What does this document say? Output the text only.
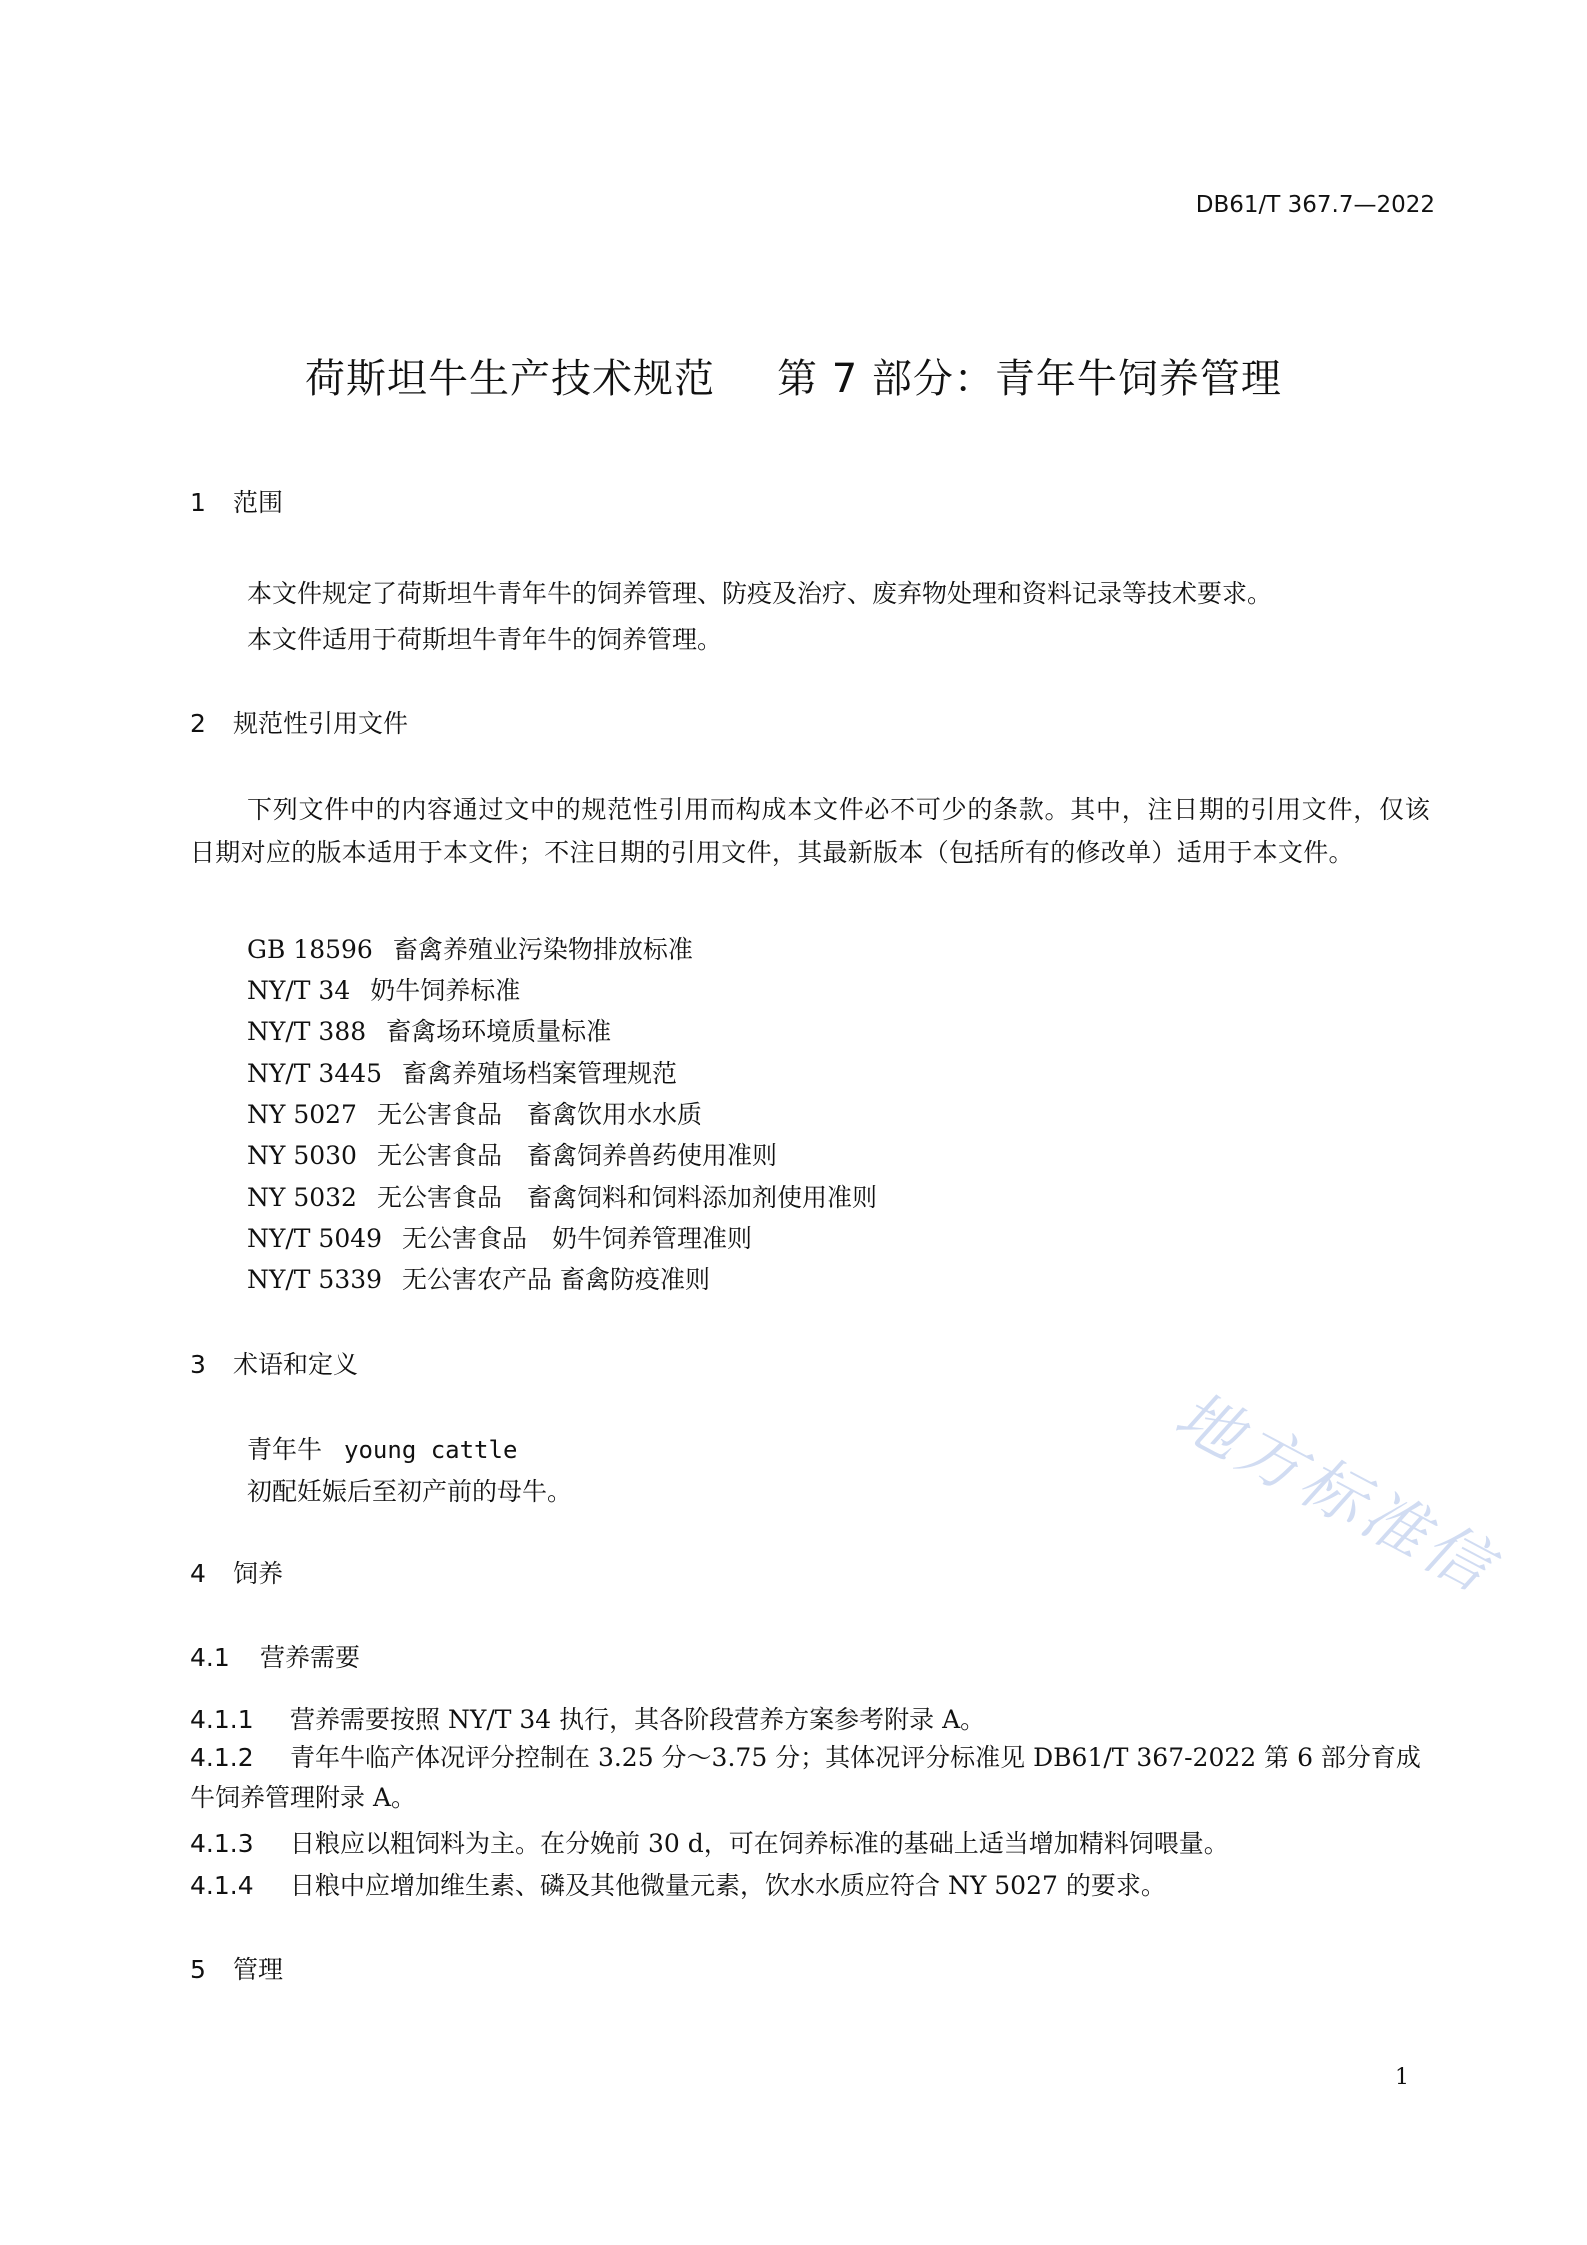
DB61/T 367.7—2022
荷斯坦牛生产技术规范 第 7 部分：青年牛饲养管理
1 范围
本文件规定了荷斯坦牛青年牛的饲养管理、防疫及治疗、废弃物处理和资料记录等技术要求。
本文件适用于荷斯坦牛青年牛的饲养管理。
2 规范性引用文件
下列文件中的内容通过文中的规范性引用而构成本文件必不可少的条款。其中，注日期的引用文件，仅该日期对应的版本适用于本文件；不注日期的引用文件，其最新版本（包括所有的修改单）适用于本文件。
GB 18596 畜禽养殖业污染物排放标准
NY/T 34 奶牛饲养标准
NY/T 388 畜禽场环境质量标准
NY/T 3445 畜禽养殖场档案管理规范
NY 5027 无公害食品　畜禽饮用水水质
NY 5030 无公害食品　畜禽饲养兽药使用准则
NY 5032 无公害食品　畜禽饲料和饲料添加剂使用准则
NY/T 5049 无公害食品　奶牛饲养管理准则
NY/T 5339 无公害农产品 畜禽防疫准则
3 术语和定义
青年牛 young cattle
初配妊娠后至初产前的母牛。
4 饲养
4.1 营养需要
4.1.1 营养需要按照 NY/T 34 执行，其各阶段营养方案参考附录 A。
4.1.2 青年牛临产体况评分控制在 3.25 分～3.75 分；其体况评分标准见 DB61/T 367-2022 第 6 部分育成牛饲养管理附录 A。
4.1.3 日粮应以粗饲料为主。在分娩前 30 d，可在饲养标准的基础上适当增加精料饲喂量。
4.1.4 日粮中应增加维生素、磷及其他微量元素，饮水水质应符合 NY 5027 的要求。
5 管理
地方标准信
1
